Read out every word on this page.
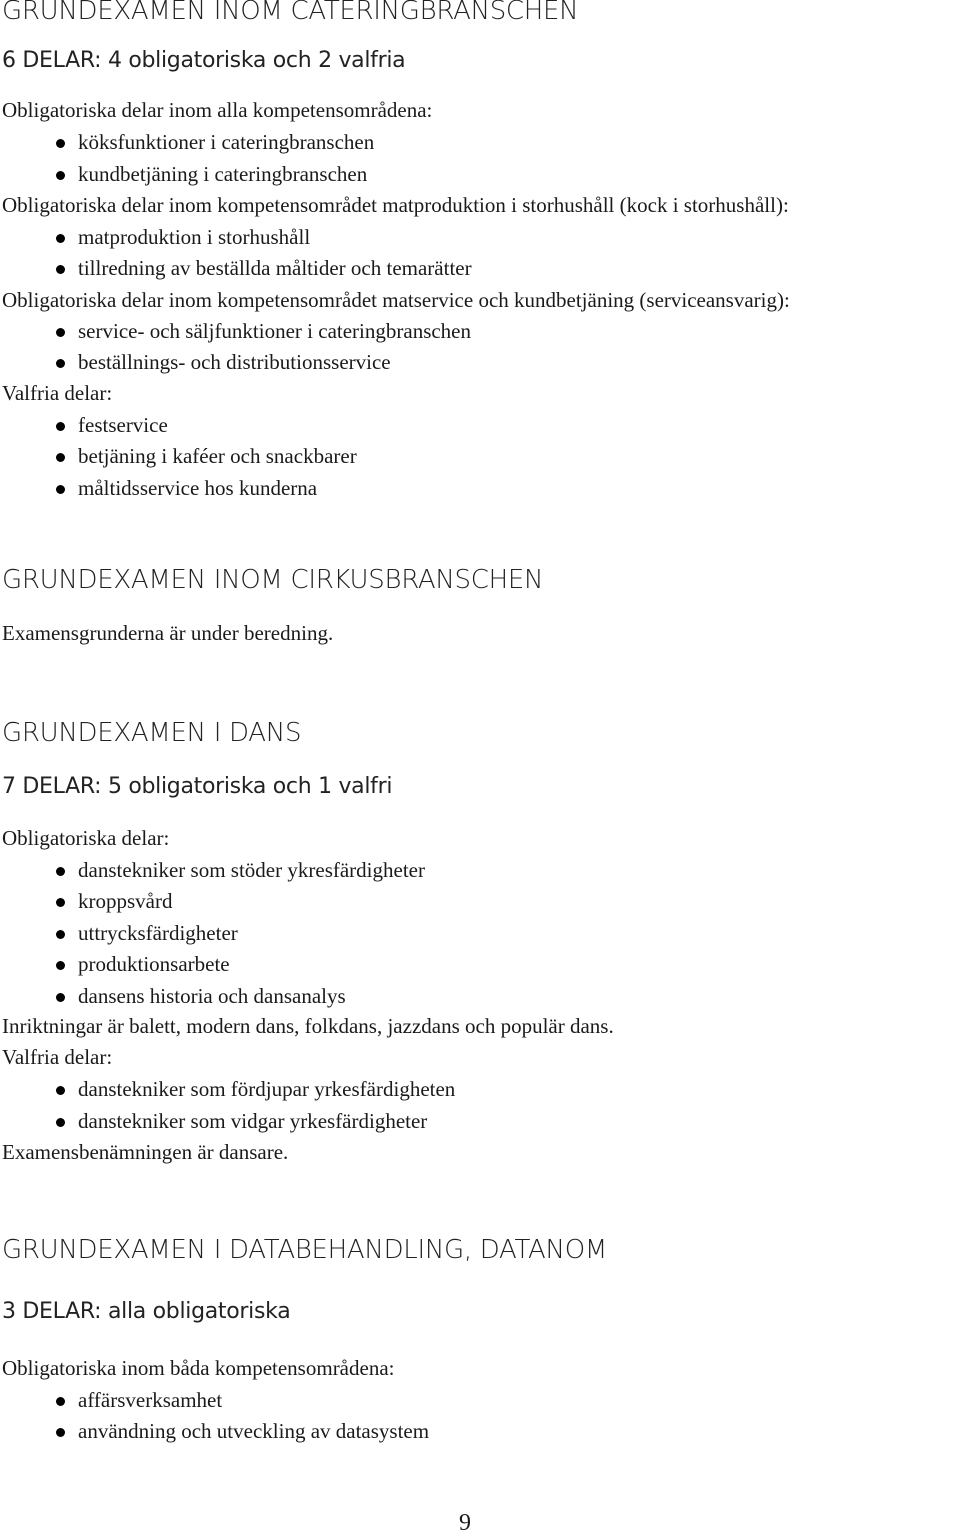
GRUNDEXAMEN INOM CATERINGBRANSCHEN
6 DELAR: 4 obligatoriska och 2 valfria
Obligatoriska delar inom alla kompetensområdena:
köksfunktioner i cateringbranschen
kundbetjäning i cateringbranschen
Obligatoriska delar inom kompetensområdet matproduktion i storhushåll (kock i storhushåll):
matproduktion i storhushåll
tillredning av beställda måltider och temarätter
Obligatoriska delar inom kompetensområdet matservice och kundbetjäning (serviceansvarig):
service- och säljfunktioner i cateringbranschen
beställnings- och distributionsservice
Valfria delar:
festservice
betjäning i kaféer och snackbarer
måltidsservice hos kunderna
GRUNDEXAMEN INOM CIRKUSBRANSCHEN
Examensgrunderna är under beredning.
GRUNDEXAMEN I DANS
7 DELAR: 5 obligatoriska och 1 valfri
Obligatoriska delar:
danstekniker som stöder ykresfärdigheter
kroppsvård
uttrycksfärdigheter
produktionsarbete
dansens historia och dansanalys
Inriktningar är balett, modern dans, folkdans, jazzdans och populär dans.
Valfria delar:
danstekniker som fördjupar yrkesfärdigheten
danstekniker som vidgar yrkesfärdigheter
Examensbenämningen är dansare.
GRUNDEXAMEN I DATABEHANDLING, DATANOM
3 DELAR: alla obligatoriska
Obligatoriska inom båda kompetensområdena:
affärsverksamhet
användning och utveckling av datasystem
9
